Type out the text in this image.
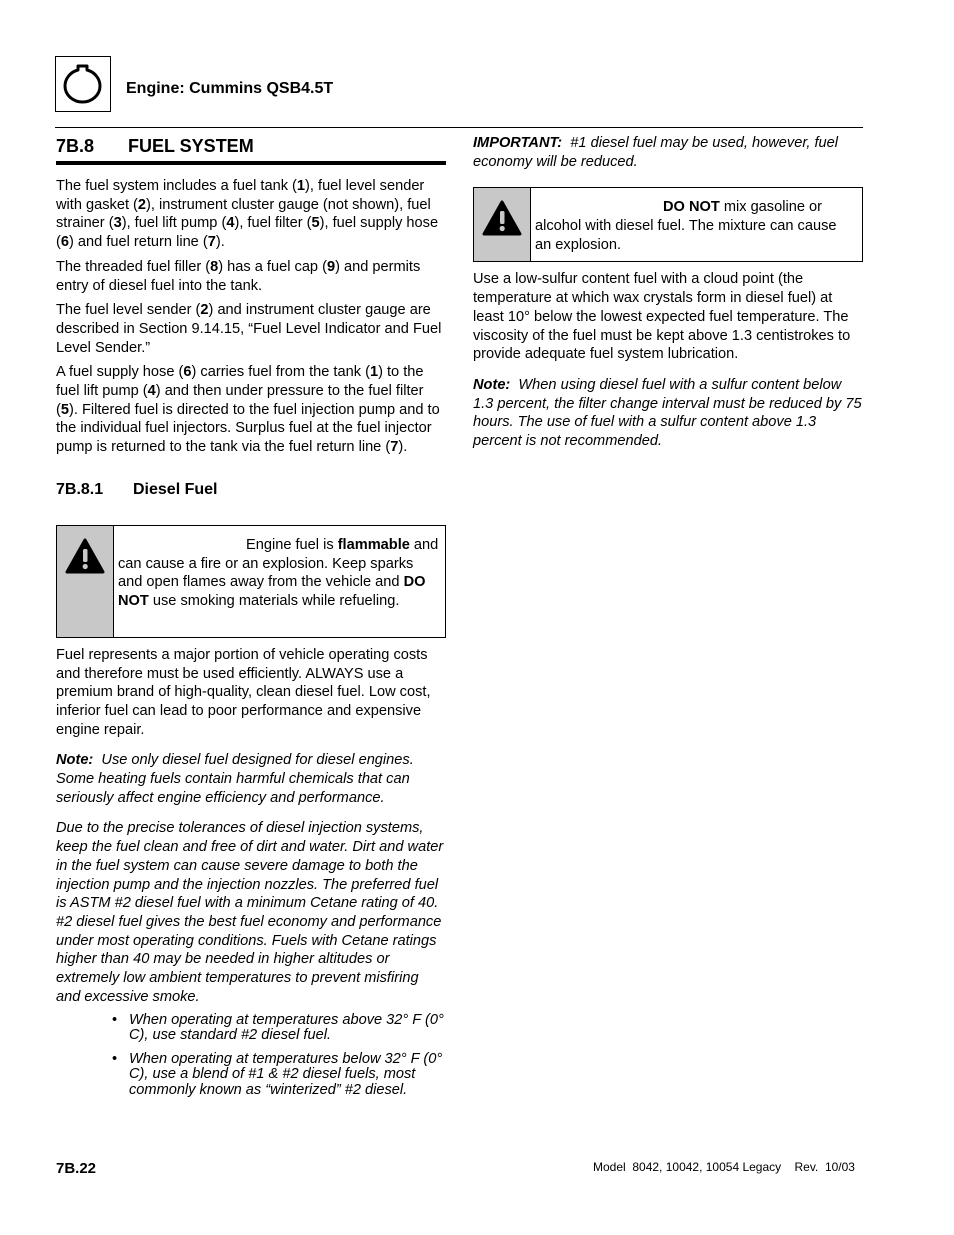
Engine: Cummins QSB4.5T
7B.8 FUEL SYSTEM

The fuel system includes a fuel tank (1), fuel level sender with gasket (2), instrument cluster gauge (not shown), fuel strainer (3), fuel lift pump (4), fuel filter (5), fuel supply hose (6) and fuel return line (7).

The threaded fuel filler (8) has a fuel cap (9) and permits entry of diesel fuel into the tank.

The fuel level sender (2) and instrument cluster gauge are described in Section 9.14.15, “Fuel Level Indicator and Fuel Level Sender.”

A fuel supply hose (6) carries fuel from the tank (1) to the fuel lift pump (4) and then under pressure to the fuel filter (5). Filtered fuel is directed to the fuel injection pump and to the individual fuel injectors. Surplus fuel at the fuel injector pump is returned to the tank via the fuel return line (7).

7B.8.1 Diesel Fuel
Engine fuel is flammable and can cause a fire or an explosion. Keep sparks and open flames away from the vehicle and DO NOT use smoking materials while refueling.

Fuel represents a major portion of vehicle operating costs and therefore must be used efficiently. ALWAYS use a premium brand of high-quality, clean diesel fuel. Low cost, inferior fuel can lead to poor performance and expensive engine repair.

Note: Use only diesel fuel designed for diesel engines. Some heating fuels contain harmful chemicals that can seriously affect engine efficiency and performance.

Due to the precise tolerances of diesel injection systems, keep the fuel clean and free of dirt and water. Dirt and water in the fuel system can cause severe damage to both the injection pump and the injection nozzles. The preferred fuel is ASTM #2 diesel fuel with a minimum Cetane rating of 40. #2 diesel fuel gives the best fuel economy and performance under most operating conditions. Fuels with Cetane ratings higher than 40 may be needed in higher altitudes or extremely low ambient temperatures to prevent misfiring and excessive smoke.

• When operating at temperatures above 32° F (0° C), use standard #2 diesel fuel.
• When operating at temperatures below 32° F (0° C), use a blend of #1 & #2 diesel fuels, most commonly known as “winterized” #2 diesel.

IMPORTANT: #1 diesel fuel may be used, however, fuel economy will be reduced.

DO NOT mix gasoline or alcohol with diesel fuel. The mixture can cause an explosion.

Use a low-sulfur content fuel with a cloud point (the temperature at which wax crystals form in diesel fuel) at least 10° below the lowest expected fuel temperature. The viscosity of the fuel must be kept above 1.3 centistrokes to provide adequate fuel system lubrication.

Note: When using diesel fuel with a sulfur content below 1.3 percent, the filter change interval must be reduced by 75 hours. The use of fuel with a sulfur content above 1.3 percent is not recommended.

7B.22	Model  8042, 10042, 10054 Legacy    Rev.  10/03
